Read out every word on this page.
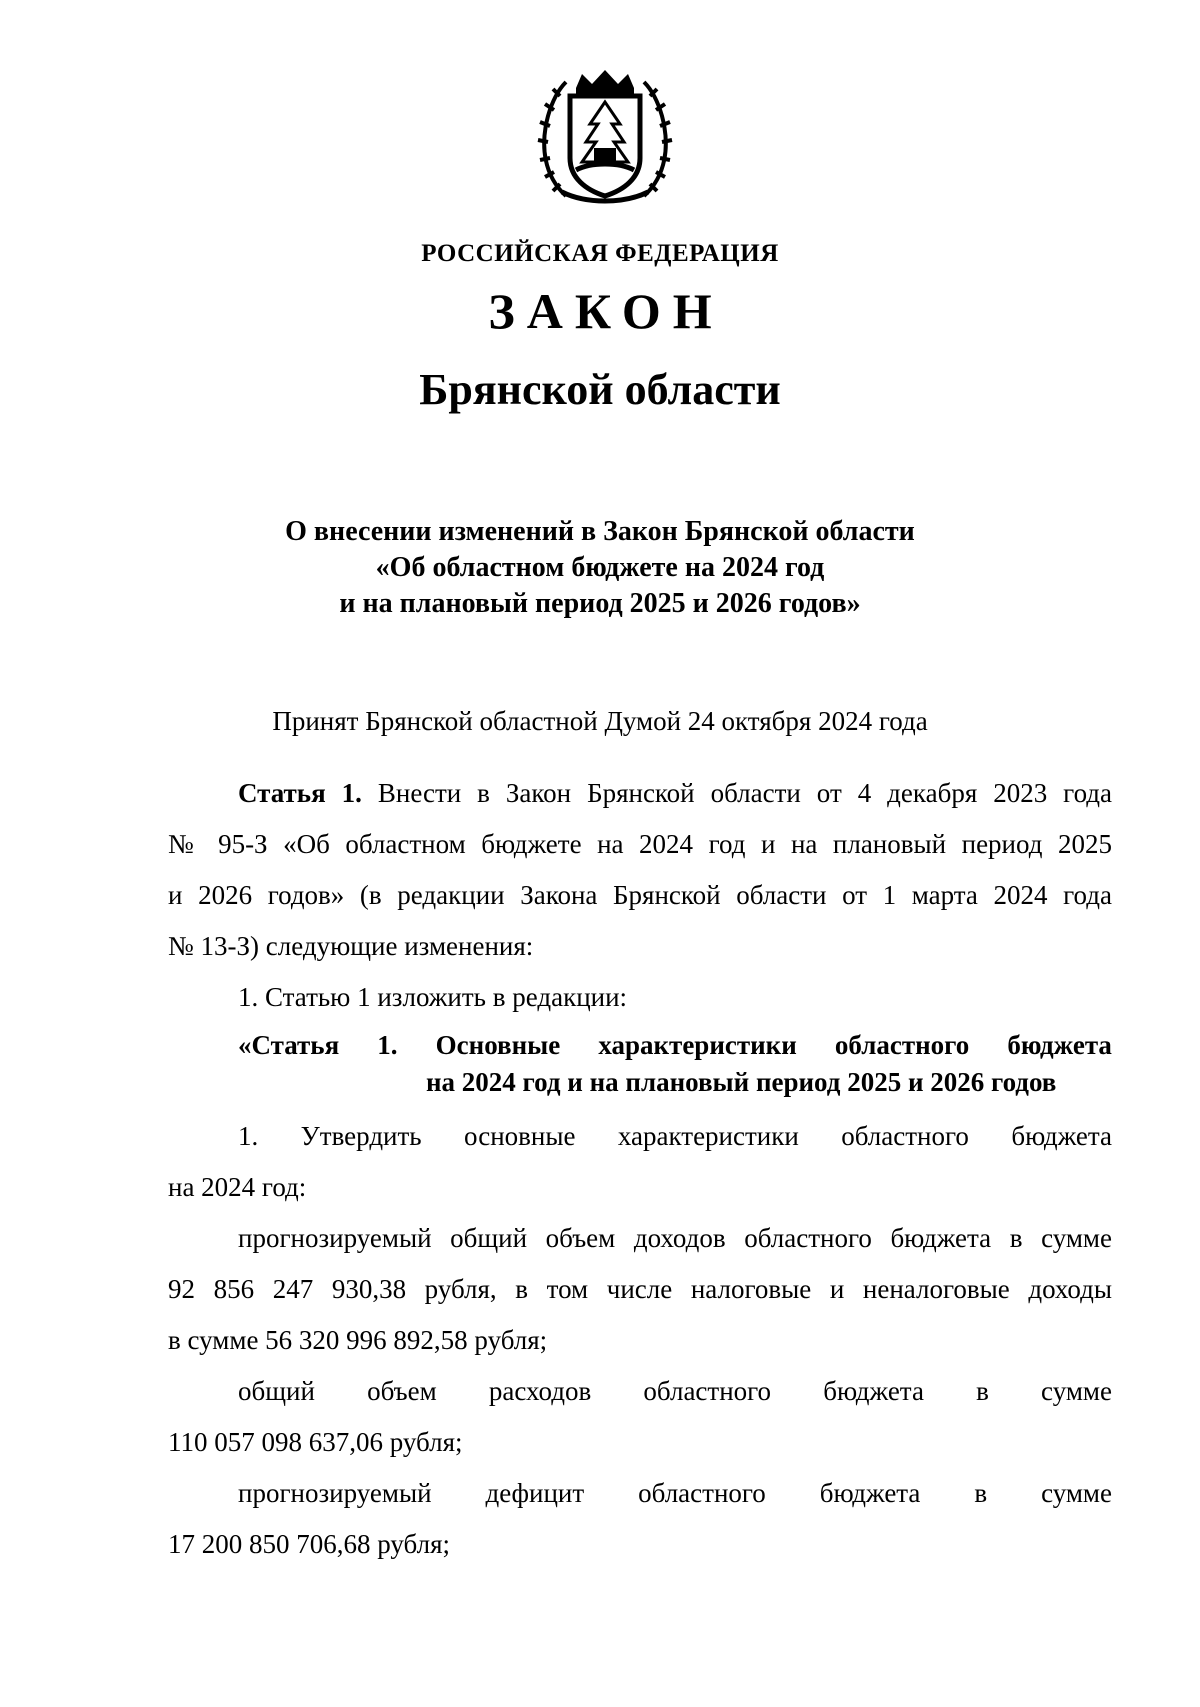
РОССИЙСКАЯ ФЕДЕРАЦИЯ
ЗАКОН
Брянской области
О внесении изменений в Закон Брянской области
«Об областном бюджете на 2024 год
и на плановый период 2025 и 2026 годов»
Принят Брянской областной Думой 24 октября 2024 года
Статья 1. Внести в Закон Брянской области от 4 декабря 2023 года
№ 95-З «Об областном бюджете на 2024 год и на плановый период 2025
и 2026 годов» (в редакции Закона Брянской области от 1 марта 2024 года
№ 13-З) следующие изменения:
1. Статью 1 изложить в редакции:
«Статья 1. Основные характеристики областного бюджета
на 2024 год и на плановый период 2025 и 2026 годов
1. Утвердить основные характеристики областного бюджета
на 2024 год:
прогнозируемый общий объем доходов областного бюджета в сумме
92 856 247 930,38 рубля, в том числе налоговые и неналоговые доходы
в сумме 56 320 996 892,58 рубля;
общий объем расходов областного бюджета в сумме
110 057 098 637,06 рубля;
прогнозируемый дефицит областного бюджета в сумме
17 200 850 706,68 рубля;
